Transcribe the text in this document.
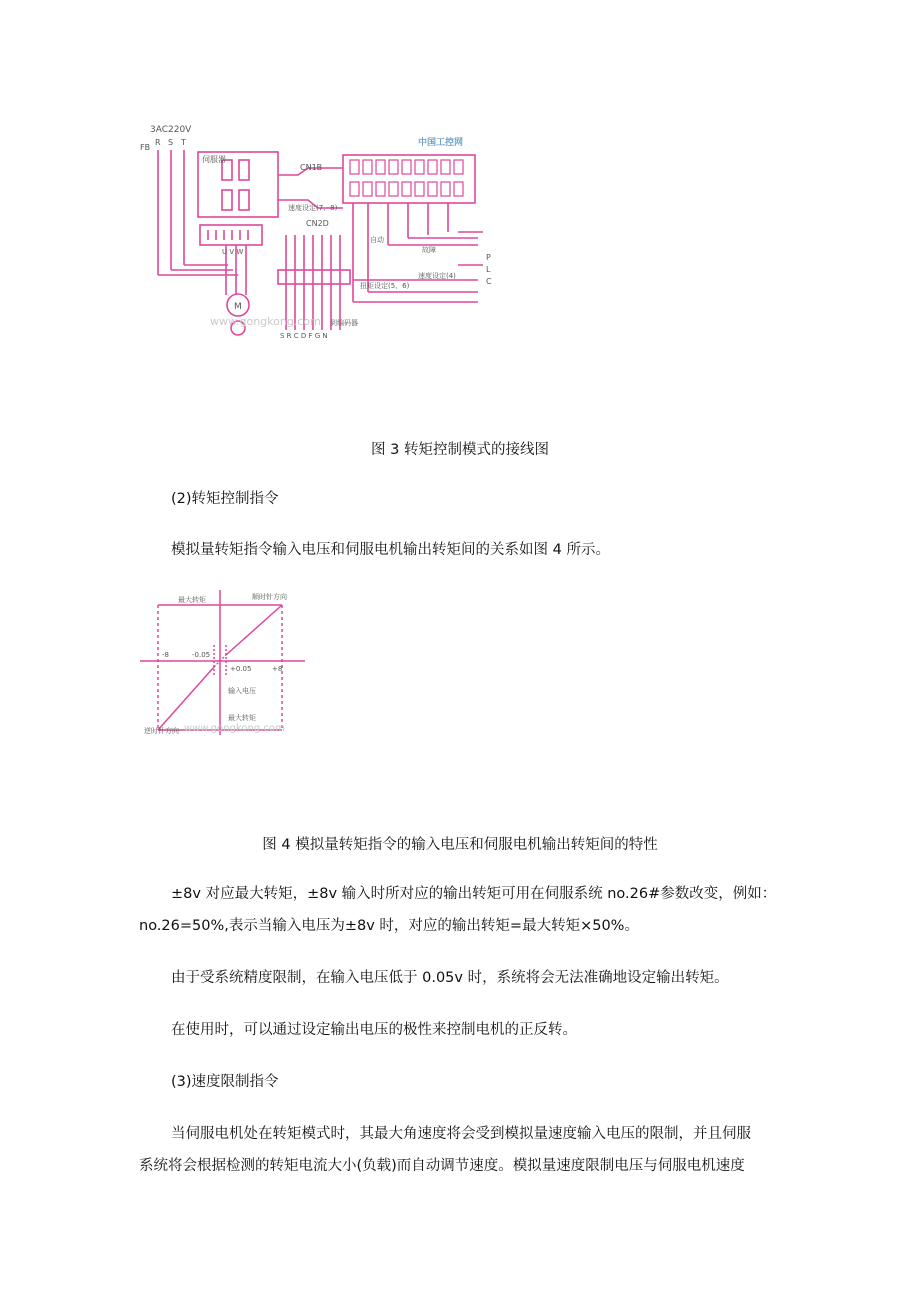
3AC220V
FB
R S T
伺服器
CN1B
速度设定(7、8)
CN2D
自动
故障
P
L
C
速度设定(4)
扭矩设定(5、6)
M
U V W
到编码器
S R C D F G N
中国工控网
www.gongkong.com
图 3 转矩控制模式的接线图
(2)转矩控制指令
模拟量转矩指令输入电压和伺服电机输出转矩间的关系如图 4 所示。
最大转矩	顺时针方向
-8	-0.05
+0.05	+8
输入电压
最大转矩
逆时针方向 www.gongkong.com
图 4 模拟量转矩指令的输入电压和伺服电机输出转矩间的特性
±8v 对应最大转矩，±8v 输入时所对应的输出转矩可用在伺服系统 no.26#参数改变，例如：
no.26=50%,表示当输入电压为±8v 时，对应的输出转矩=最大转矩×50%。
由于受系统精度限制，在输入电压低于 0.05v 时，系统将会无法准确地设定输出转矩。
在使用时，可以通过设定输出电压的极性来控制电机的正反转。
(3)速度限制指令
当伺服电机处在转矩模式时，其最大角速度将会受到模拟量速度输入电压的限制，并且伺服
系统将会根据检测的转矩电流大小(负载)而自动调节速度。模拟量速度限制电压与伺服电机速度
